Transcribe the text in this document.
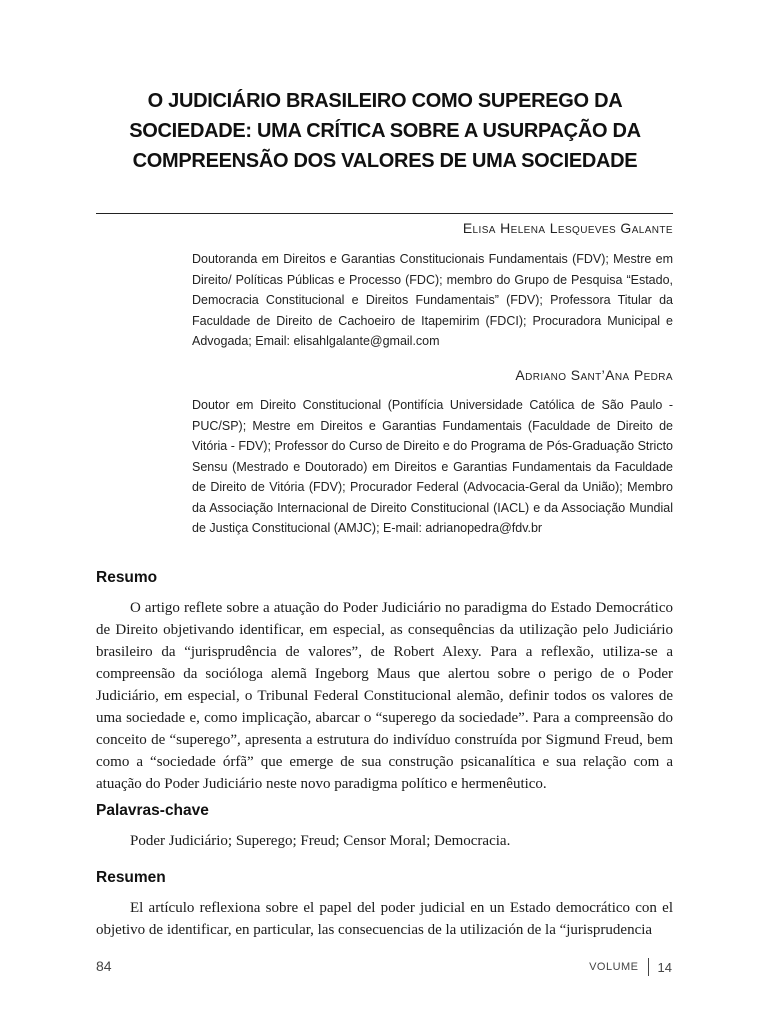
O JUDICIÁRIO BRASILEIRO COMO SUPEREGO DA
SOCIEDADE: UMA CRÍTICA SOBRE A USURPAÇÃO DA
COMPREENSÃO DOS VALORES DE UMA SOCIEDADE
Elisa Helena Lesqueves Galante
Doutoranda em Direitos e Garantias Constitucionais Fundamentais (FDV); Mestre em Direito/ Políticas Públicas e Processo (FDC); membro do Grupo de Pesquisa “Estado, Democracia Constitucional e Direitos Fundamentais” (FDV); Professora Titular da Faculdade de Direito de Cachoeiro de Itapemirim (FDCI); Procuradora Municipal e Advogada; Email: elisahlgalante@gmail.com
Adriano Sant’Ana Pedra
Doutor em Direito Constitucional (Pontifícia Universidade Católica de São Paulo - PUC/SP); Mestre em Direitos e Garantias Fundamentais (Faculdade de Direito de Vitória - FDV); Professor do Curso de Direito e do Programa de Pós-Graduação Stricto Sensu (Mestrado e Doutorado) em Direitos e Garantias Fundamentais da Faculdade de Direito de Vitória (FDV); Procurador Federal (Advocacia-Geral da União); Membro da Associação Internacional de Direito Constitucional (IACL) e da Associação Mundial de Justiça Constitucional (AMJC); E-mail: adrianopedra@fdv.br
Resumo
O artigo reflete sobre a atuação do Poder Judiciário no paradigma do Estado Democrático de Direito objetivando identificar, em especial, as consequências da utilização pelo Judiciário brasileiro da “jurisprudência de valores”, de Robert Alexy. Para a reflexão, utiliza-se a compreensão da socióloga alemã Ingeborg Maus que alertou sobre o perigo de o Poder Judiciário, em especial, o Tribunal Federal Constitucional alemão, definir todos os valores de uma sociedade e, como implicação, abarcar o “superego da sociedade”. Para a compreensão do conceito de “superego”, apresenta a estrutura do indivíduo construída por Sigmund Freud, bem como a “sociedade órfã” que emerge de sua construção psicanalítica e sua relação com a atuação do Poder Judiciário neste novo paradigma político e hermenêutico.
Palavras-chave
Poder Judiciário; Superego; Freud; Censor Moral; Democracia.
Resumen
El artículo reflexiona sobre el papel del poder judicial en un Estado democrático con el objetivo de identificar, en particular, las consecuencias de la utilización de la “jurisprudencia
84	VOLUME 14
